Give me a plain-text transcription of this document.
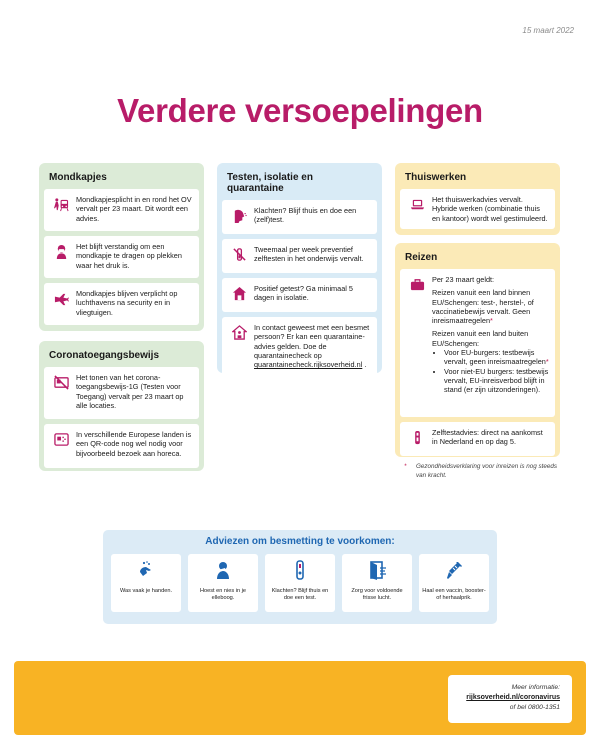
15 maart 2022
Verdere versoepelingen
Mondkapjes
Mondkapjesplicht in en rond het OV vervalt per 23 maart. Dit wordt een advies.
Het blijft verstandig om een mondkapje te dragen op plekken waar het druk is.
Mondkapjes blijven verplicht op luchthavens na security en in vliegtuigen.
Coronatoegangsbewijs
Het tonen van het corona-toegangsbewijs-1G (Testen voor Toegang) vervalt per 23 maart op alle locaties.
In verschillende Europese landen is een QR-code nog wel nodig voor bijvoorbeeld bezoek aan horeca.
Testen, isolatie en quarantaine
Klachten? Blijf thuis en doe een (zelf)test.
Tweemaal per week preventief zelftesten in het onderwijs vervalt.
Positief getest? Ga minimaal 5 dagen in isolatie.
In contact geweest met een besmet persoon? Er kan een quarantaine-advies gelden. Doe de quarantainecheck op quarantainecheck.rijksoverheid.nl .
Thuiswerken
Het thuiswerkadvies vervalt. Hybride werken (combinatie thuis en kantoor) wordt wel gestimuleerd.
Reizen

Per 23 maart geldt:

Reizen vanuit een land binnen EU/Schengen: test-, herstel-, of vaccinatiebewijs vervalt. Geen inreismaatregelen*

Reizen vanuit een land buiten EU/Schengen:

• Voor EU-burgers: testbewijs vervalt, geen inreismaatregelen*
• Voor niet-EU burgers: testbewijs vervalt, EU-inreisverbod blijft in stand (er zijn uitzonderingen).
Zelftestadvies: direct na aankomst in Nederland en op dag 5.
*	Gezondheidsverklaring voor inreizen is nog steeds van kracht.
Adviezen om besmetting te voorkomen:
Was vaak je handen.	Hoest en nies in je elleboog.
Klachten? Blijf thuis en doe een test.
Zorg voor voldoende frisse lucht.
Haal een vaccin, booster- of herhaalprik.
Meer informatie:
rijksoverheid.nl/coronavirus
of bel 0800-1351
